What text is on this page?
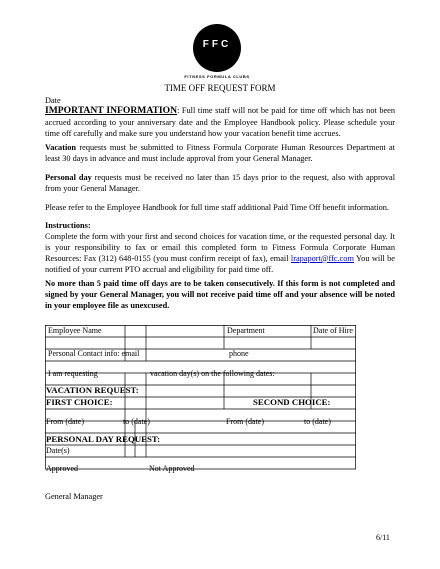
FFC
FITNESS FORMULA CLUBS
TIME OFF REQUEST FORM
Date
IMPORTANT INFORMATION: Full time staff will not be paid for time off which has not been accrued according to your anniversary date and the Employee Handbook policy. Please schedule your time off carefully and make sure you understand how your vacation benefit time accrues.
Vacation requests must be submitted to Fitness Formula Corporate Human Resources Department at least 30 days in advance and must include approval from your General Manager.
Personal day requests must be received no later than 15 days prior to the request, also with approval from your General Manager.
Please refer to the Employee Handbook for full time staff additional Paid Time Off benefit information.
Instructions:
Complete the form with your first and second choices for vacation time, or the requested personal day. It is your responsibility to fax or email this completed form to Fitness Formula Corporate Human Resources: Fax (312) 648-0155 (you must confirm receipt of fax), email lrapaport@ffc.com You will be notified of your current PTO accrual and eligibility for paid time off.
No more than 5 paid time off days are to be taken consecutively. If this form is not completed and signed by your General Manager, you will not receive paid time off and your absence will be noted in your employee file as unexcused.
Employee Name	Department	Date of Hire
Personal Contact info: email	phone
I am requesting	vacation day(s) on the following dates:
VACATION REQUEST:
FIRST CHOICE:	SECOND CHOICE:
From (date)	to (date)	From (date)	to (date)
PERSONAL DAY REQUEST:
Date(s)
Approved	Not Approved
General Manager
6/11
